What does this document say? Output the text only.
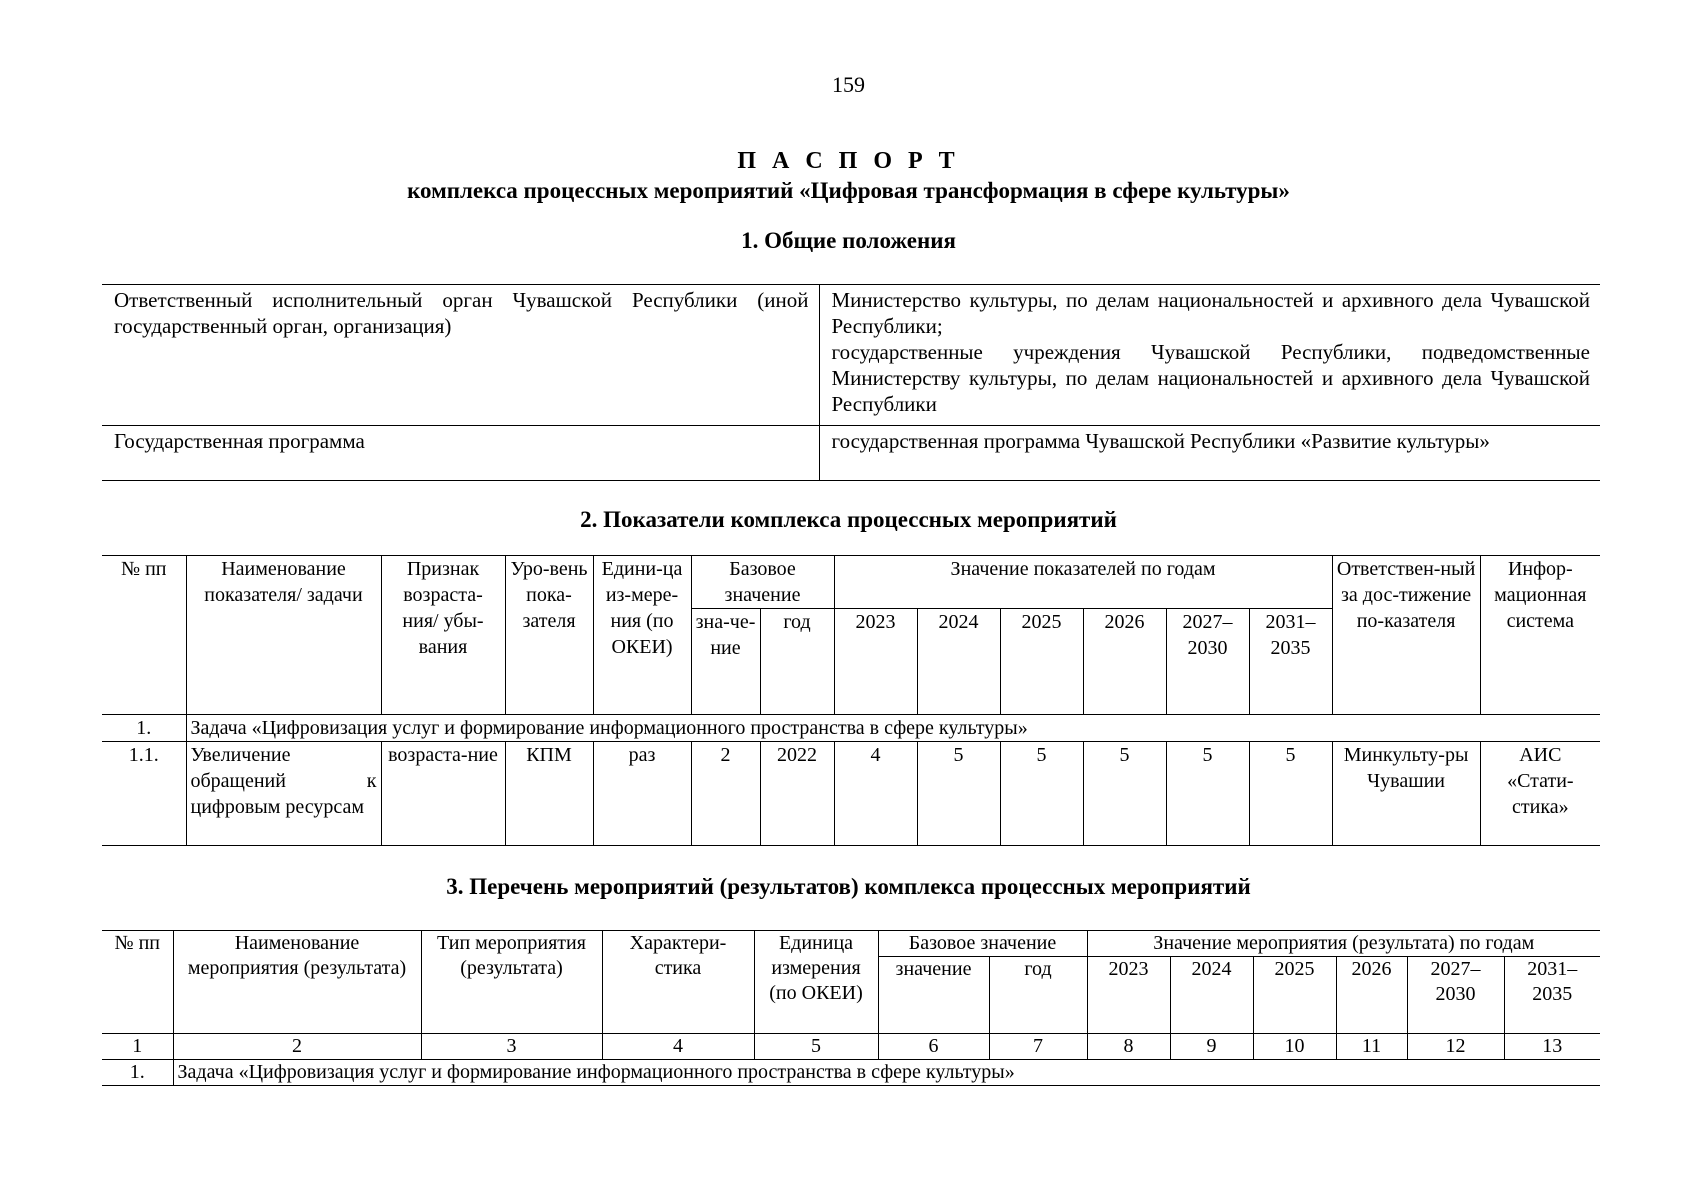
159
П А С П О Р Т
комплекса процессных мероприятий «Цифровая трансформация в сфере культуры»
1. Общие положения
Ответственный исполнительный орган Чувашской Республики (иной государственный орган, организация)	Министерство культуры, по делам национальностей и архивного дела Чувашской Республики;
государственные учреждения Чувашской Республики, подведомственные Министерству культуры, по делам национальностей и архивного дела Чувашской Республики

Государственная программа	государственная программа Чувашской Республики «Развитие культуры»
2. Показатели комплекса процессных мероприятий
№ пп	Наименование показателя/ задачи	Признак возраста-ния/ убы-вания	Уро-вень пока-зателя	Едини-ца из-мере-ния (по ОКЕИ)	Базовое значение		Значение показателей по годам						Ответствен-ный за дос-тижение по-казателя	Инфор-мационная система
					зна-че-ние	год	2023	2024	2025	2026	2027–2030	2031–2035		
1.	Задача «Цифровизация услуг и формирование информационного пространства в сфере культуры»													
1.1.	Увеличение обращений к цифровым ресурсам	возраста-ние	КПМ	раз	2	2022	4	5	5	5	5	5	Минкульту-ры Чувашии	АИС «Стати-стика»
3. Перечень мероприятий (результатов) комплекса процессных мероприятий
№ пп	Наименование мероприятия (результата)	Тип мероприятия (результата)	Характери-стика	Единица измерения (по ОКЕИ)	Базовое значение		Значение мероприятия (результата) по годам					
					значение	год	2023	2024	2025	2026	2027–2030	2031–2035
1	2	3	4	5	6	7	8	9	10	11	12	13
1.	Задача «Цифровизация услуг и формирование информационного пространства в сфере культуры»											
